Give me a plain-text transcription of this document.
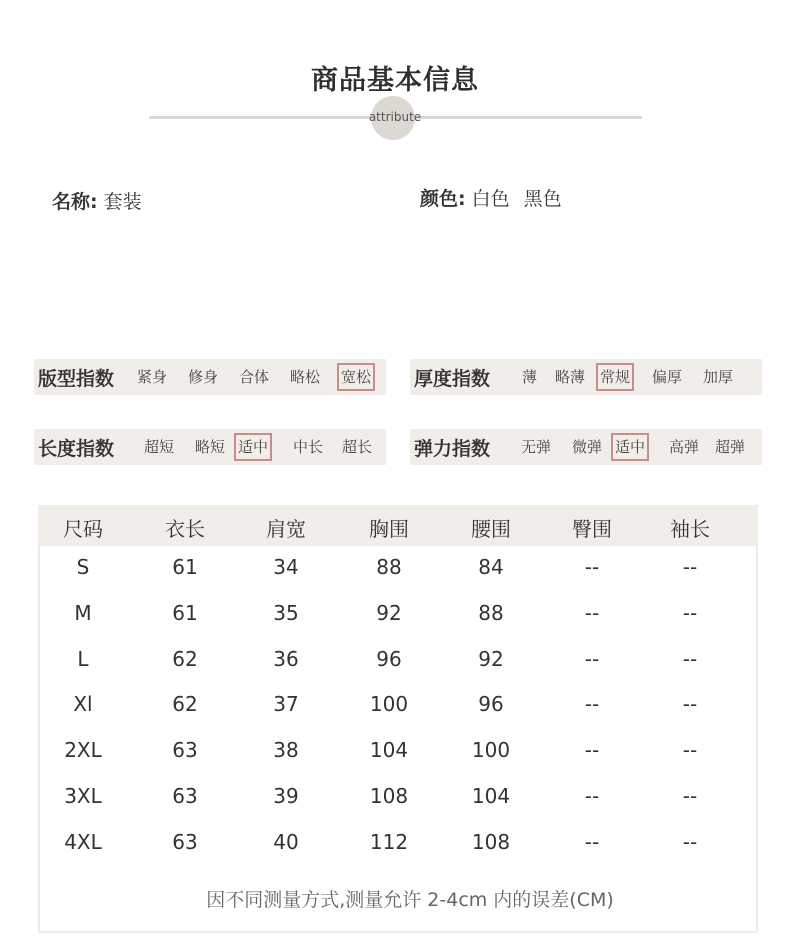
商品基本信息
attribute
名称: 套装	颜色: 白色 黑色
版型指数 紧身 修身 合体 略松 宽松 厚度指数 薄 略薄 常规 偏厚 加厚
长度指数 超短 略短 适中 中长 超长 弹力指数 无弹 微弹 适中 高弹 超弹
尺码	衣长	肩宽	胸围	腰围	臀围	袖长
S	61	34	88	84	--	--
M	61	35	92	88	--	--
L	62	36	96	92	--	--
Xl	62	37	100	96	--	--
2XL	63	38	104	100	--	--
3XL	63	39	108	104	--	--
4XL	63	40	112	108	--	--
因不同测量方式,测量允许 2-4cm 内的误差(CM)
